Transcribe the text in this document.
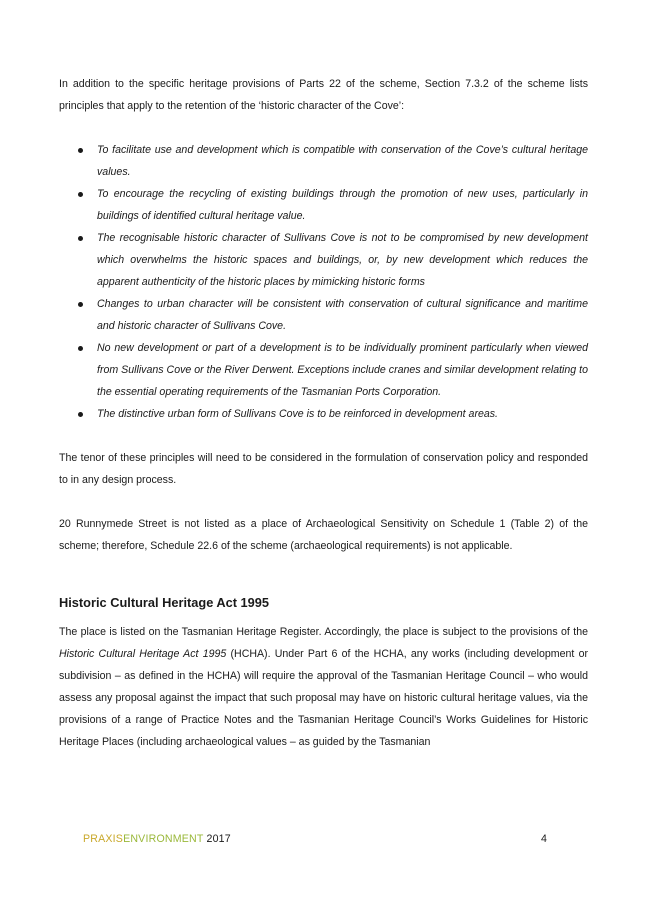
In addition to the specific heritage provisions of Parts 22 of the scheme, Section 7.3.2 of the scheme lists principles that apply to the retention of the ‘historic character of the Cove’:

To facilitate use and development which is compatible with conservation of the Cove’s cultural heritage values.
To encourage the recycling of existing buildings through the promotion of new uses, particularly in buildings of identified cultural heritage value.
The recognisable historic character of Sullivans Cove is not to be compromised by new development which overwhelms the historic spaces and buildings, or, by new development which reduces the apparent authenticity of the historic places by mimicking historic forms
Changes to urban character will be consistent with conservation of cultural significance and maritime and historic character of Sullivans Cove.
No new development or part of a development is to be individually prominent particularly when viewed from Sullivans Cove or the River Derwent. Exceptions include cranes and similar development relating to the essential operating requirements of the Tasmanian Ports Corporation.
The distinctive urban form of Sullivans Cove is to be reinforced in development areas.

The tenor of these principles will need to be considered in the formulation of conservation policy and responded to in any design process.

20 Runnymede Street is not listed as a place of Archaeological Sensitivity on Schedule 1 (Table 2) of the scheme; therefore, Schedule 22.6 of the scheme (archaeological requirements) is not applicable.

Historic Cultural Heritage Act 1995

The place is listed on the Tasmanian Heritage Register. Accordingly, the place is subject to the provisions of the Historic Cultural Heritage Act 1995 (HCHA). Under Part 6 of the HCHA, any works (including development or subdivision – as defined in the HCHA) will require the approval of the Tasmanian Heritage Council – who would assess any proposal against the impact that such proposal may have on historic cultural heritage values, via the provisions of a range of Practice Notes and the Tasmanian Heritage Council’s Works Guidelines for Historic Heritage Places (including archaeological values – as guided by the Tasmanian

PRAXISENVIRONMENT 2017	4
